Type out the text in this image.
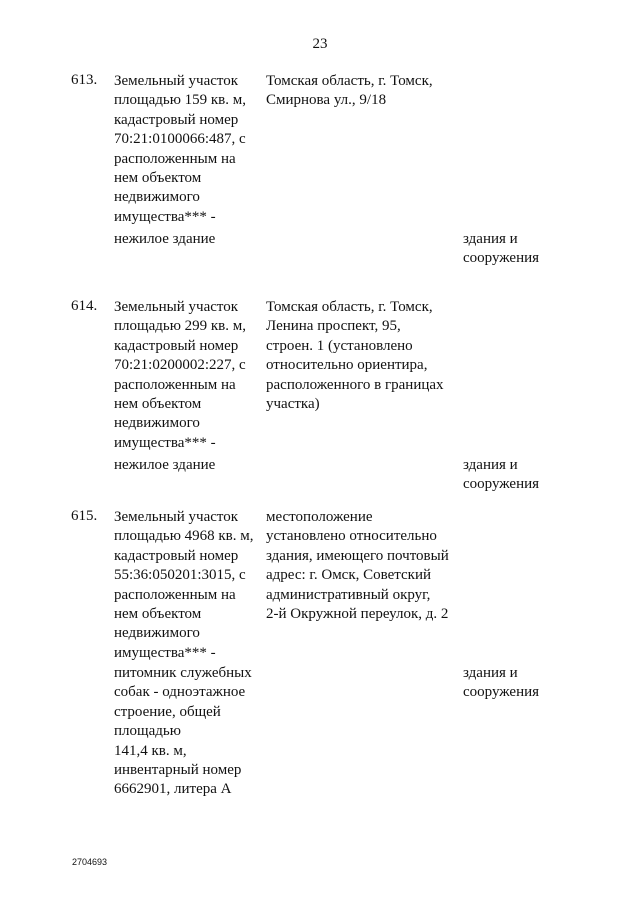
23
613. Земельный участок
площадью 159 кв. м,
кадастровый номер
70:21:0100066:487, с
расположенным на
нем объектом
недвижимого
имущества*** -
Томская область, г. Томск,
Смирнова ул., 9/18
нежилое здание	здания и
сооружения
614. Земельный участок
площадью 299 кв. м,
кадастровый номер
70:21:0200002:227, с
расположенным на
нем объектом
недвижимого
имущества*** -
Томская область, г. Томск,
Ленина проспект, 95,
строен. 1 (установлено
относительно ориентира,
расположенного в границах
участка)
нежилое здание	здания и
сооружения
615. Земельный участок
площадью 4968 кв. м,
кадастровый номер
55:36:050201:3015, с
расположенным на
нем объектом
недвижимого
имущества*** -
местоположение
установлено относительно
здания, имеющего почтовый
адрес: г. Омск, Советский
административный округ,
2-й Окружной переулок, д. 2
питомник служебных
собак - одноэтажное
строение, общей
площадью
141,4 кв. м,
инвентарный номер
6662901, литера А
здания и
сооружения
2704693
